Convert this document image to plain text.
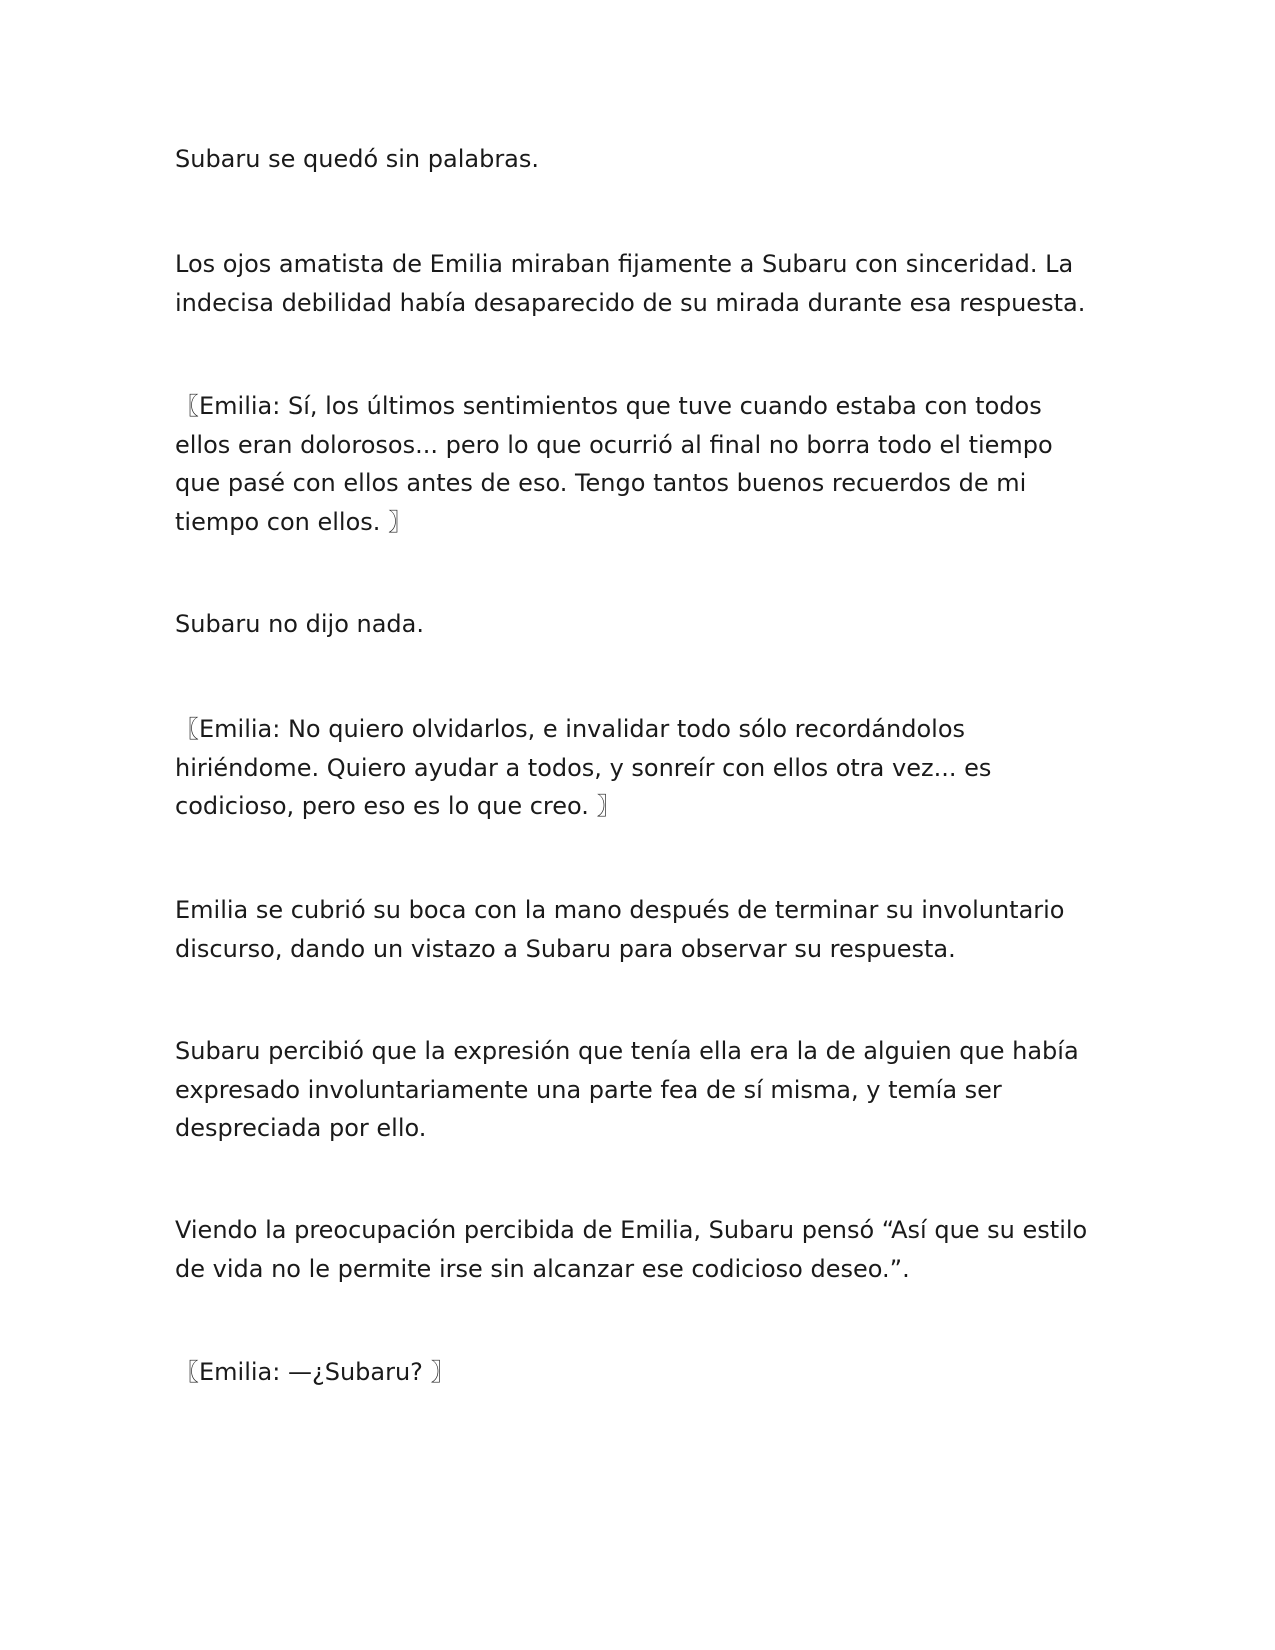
Subaru se quedó sin palabras.

Los ojos amatista de Emilia miraban fijamente a Subaru con sinceridad. La
indecisa debilidad había desaparecido de su mirada durante esa respuesta.

〖Emilia: Sí, los últimos sentimientos que tuve cuando estaba con todos
ellos eran dolorosos... pero lo que ocurrió al final no borra todo el tiempo
que pasé con ellos antes de eso. Tengo tantos buenos recuerdos de mi
tiempo con ellos. 〗

Subaru no dijo nada.

〖Emilia: No quiero olvidarlos, e invalidar todo sólo recordándolos
hiriéndome. Quiero ayudar a todos, y sonreír con ellos otra vez... es
codicioso, pero eso es lo que creo. 〗

Emilia se cubrió su boca con la mano después de terminar su involuntario
discurso, dando un vistazo a Subaru para observar su respuesta.

Subaru percibió que la expresión que tenía ella era la de alguien que había
expresado involuntariamente una parte fea de sí misma, y temía ser
despreciada por ello.

Viendo la preocupación percibida de Emilia, Subaru pensó “Así que su estilo
de vida no le permite irse sin alcanzar ese codicioso deseo.”.

〖Emilia: —¿Subaru? 〗
